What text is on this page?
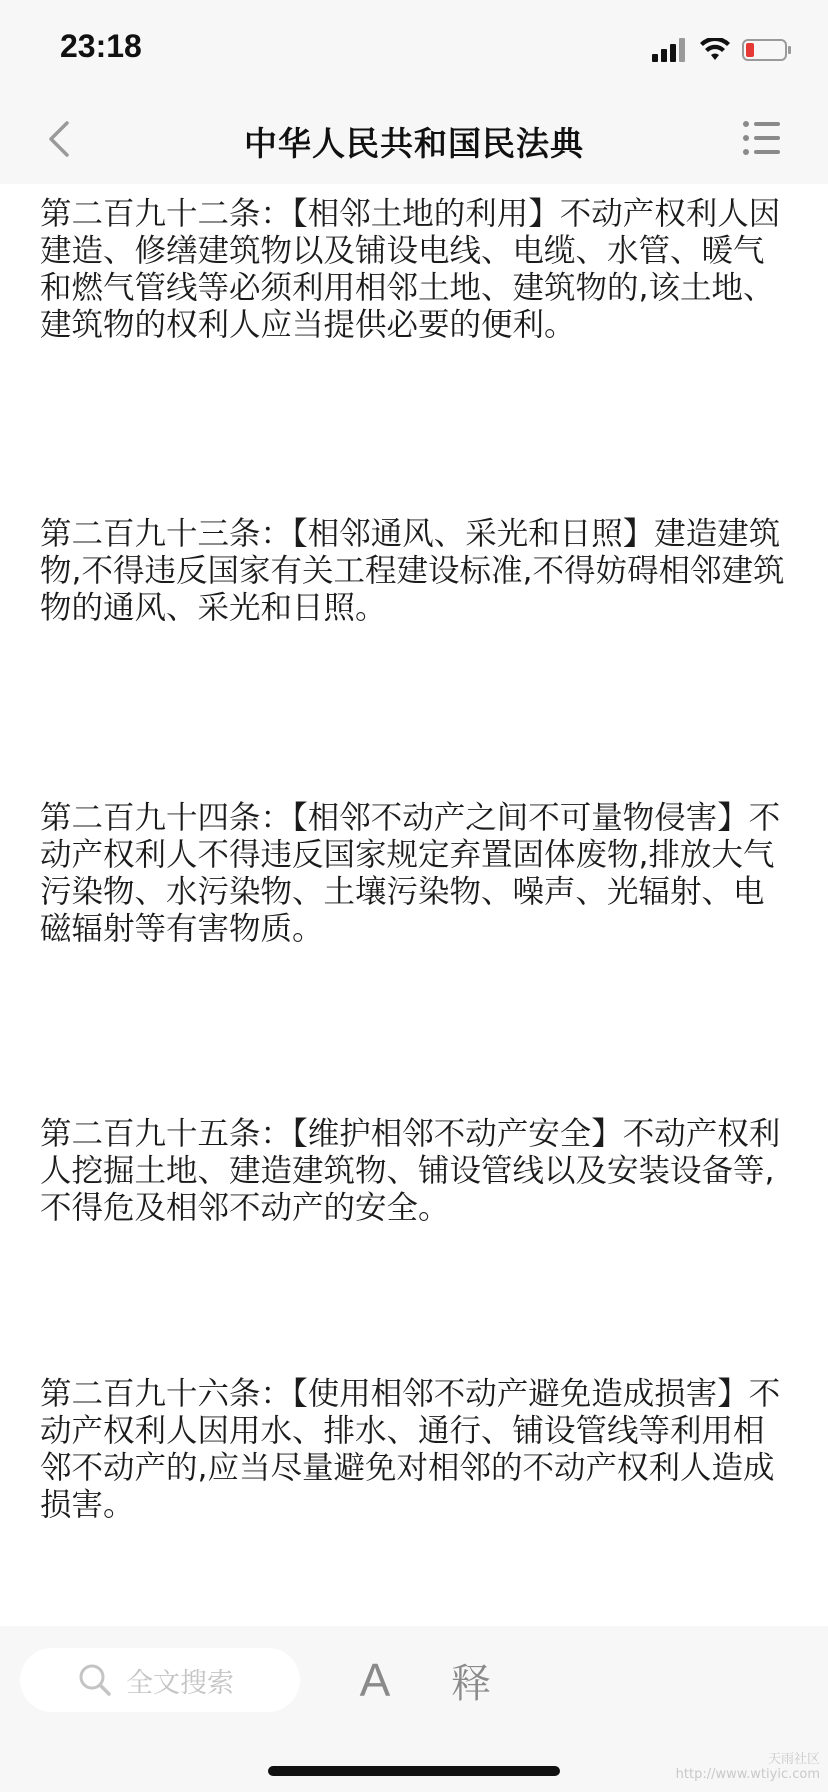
23:18
中华人民共和国民法典

第二百九十二条：【相邻土地的利用】不动产权利人因建造、修缮建筑物以及铺设电线、电缆、水管、暖气和燃气管线等必须利用相邻土地、建筑物的,该土地、建筑物的权利人应当提供必要的便利。

第二百九十三条：【相邻通风、采光和日照】建造建筑物,不得违反国家有关工程建设标准,不得妨碍相邻建筑物的通风、采光和日照。

第二百九十四条：【相邻不动产之间不可量物侵害】不动产权利人不得违反国家规定弃置固体废物,排放大气污染物、水污染物、土壤污染物、噪声、光辐射、电磁辐射等有害物质。

第二百九十五条：【维护相邻不动产安全】不动产权利人挖掘土地、建造建筑物、铺设管线以及安装设备等,不得危及相邻不动产的安全。

第二百九十六条：【使用相邻不动产避免造成损害】不动产权利人因用水、排水、通行、铺设管线等利用相邻不动产的,应当尽量避免对相邻的不动产权利人造成损害。

全文搜索	A 释
天雨社区
http://www.wtiyic.com
